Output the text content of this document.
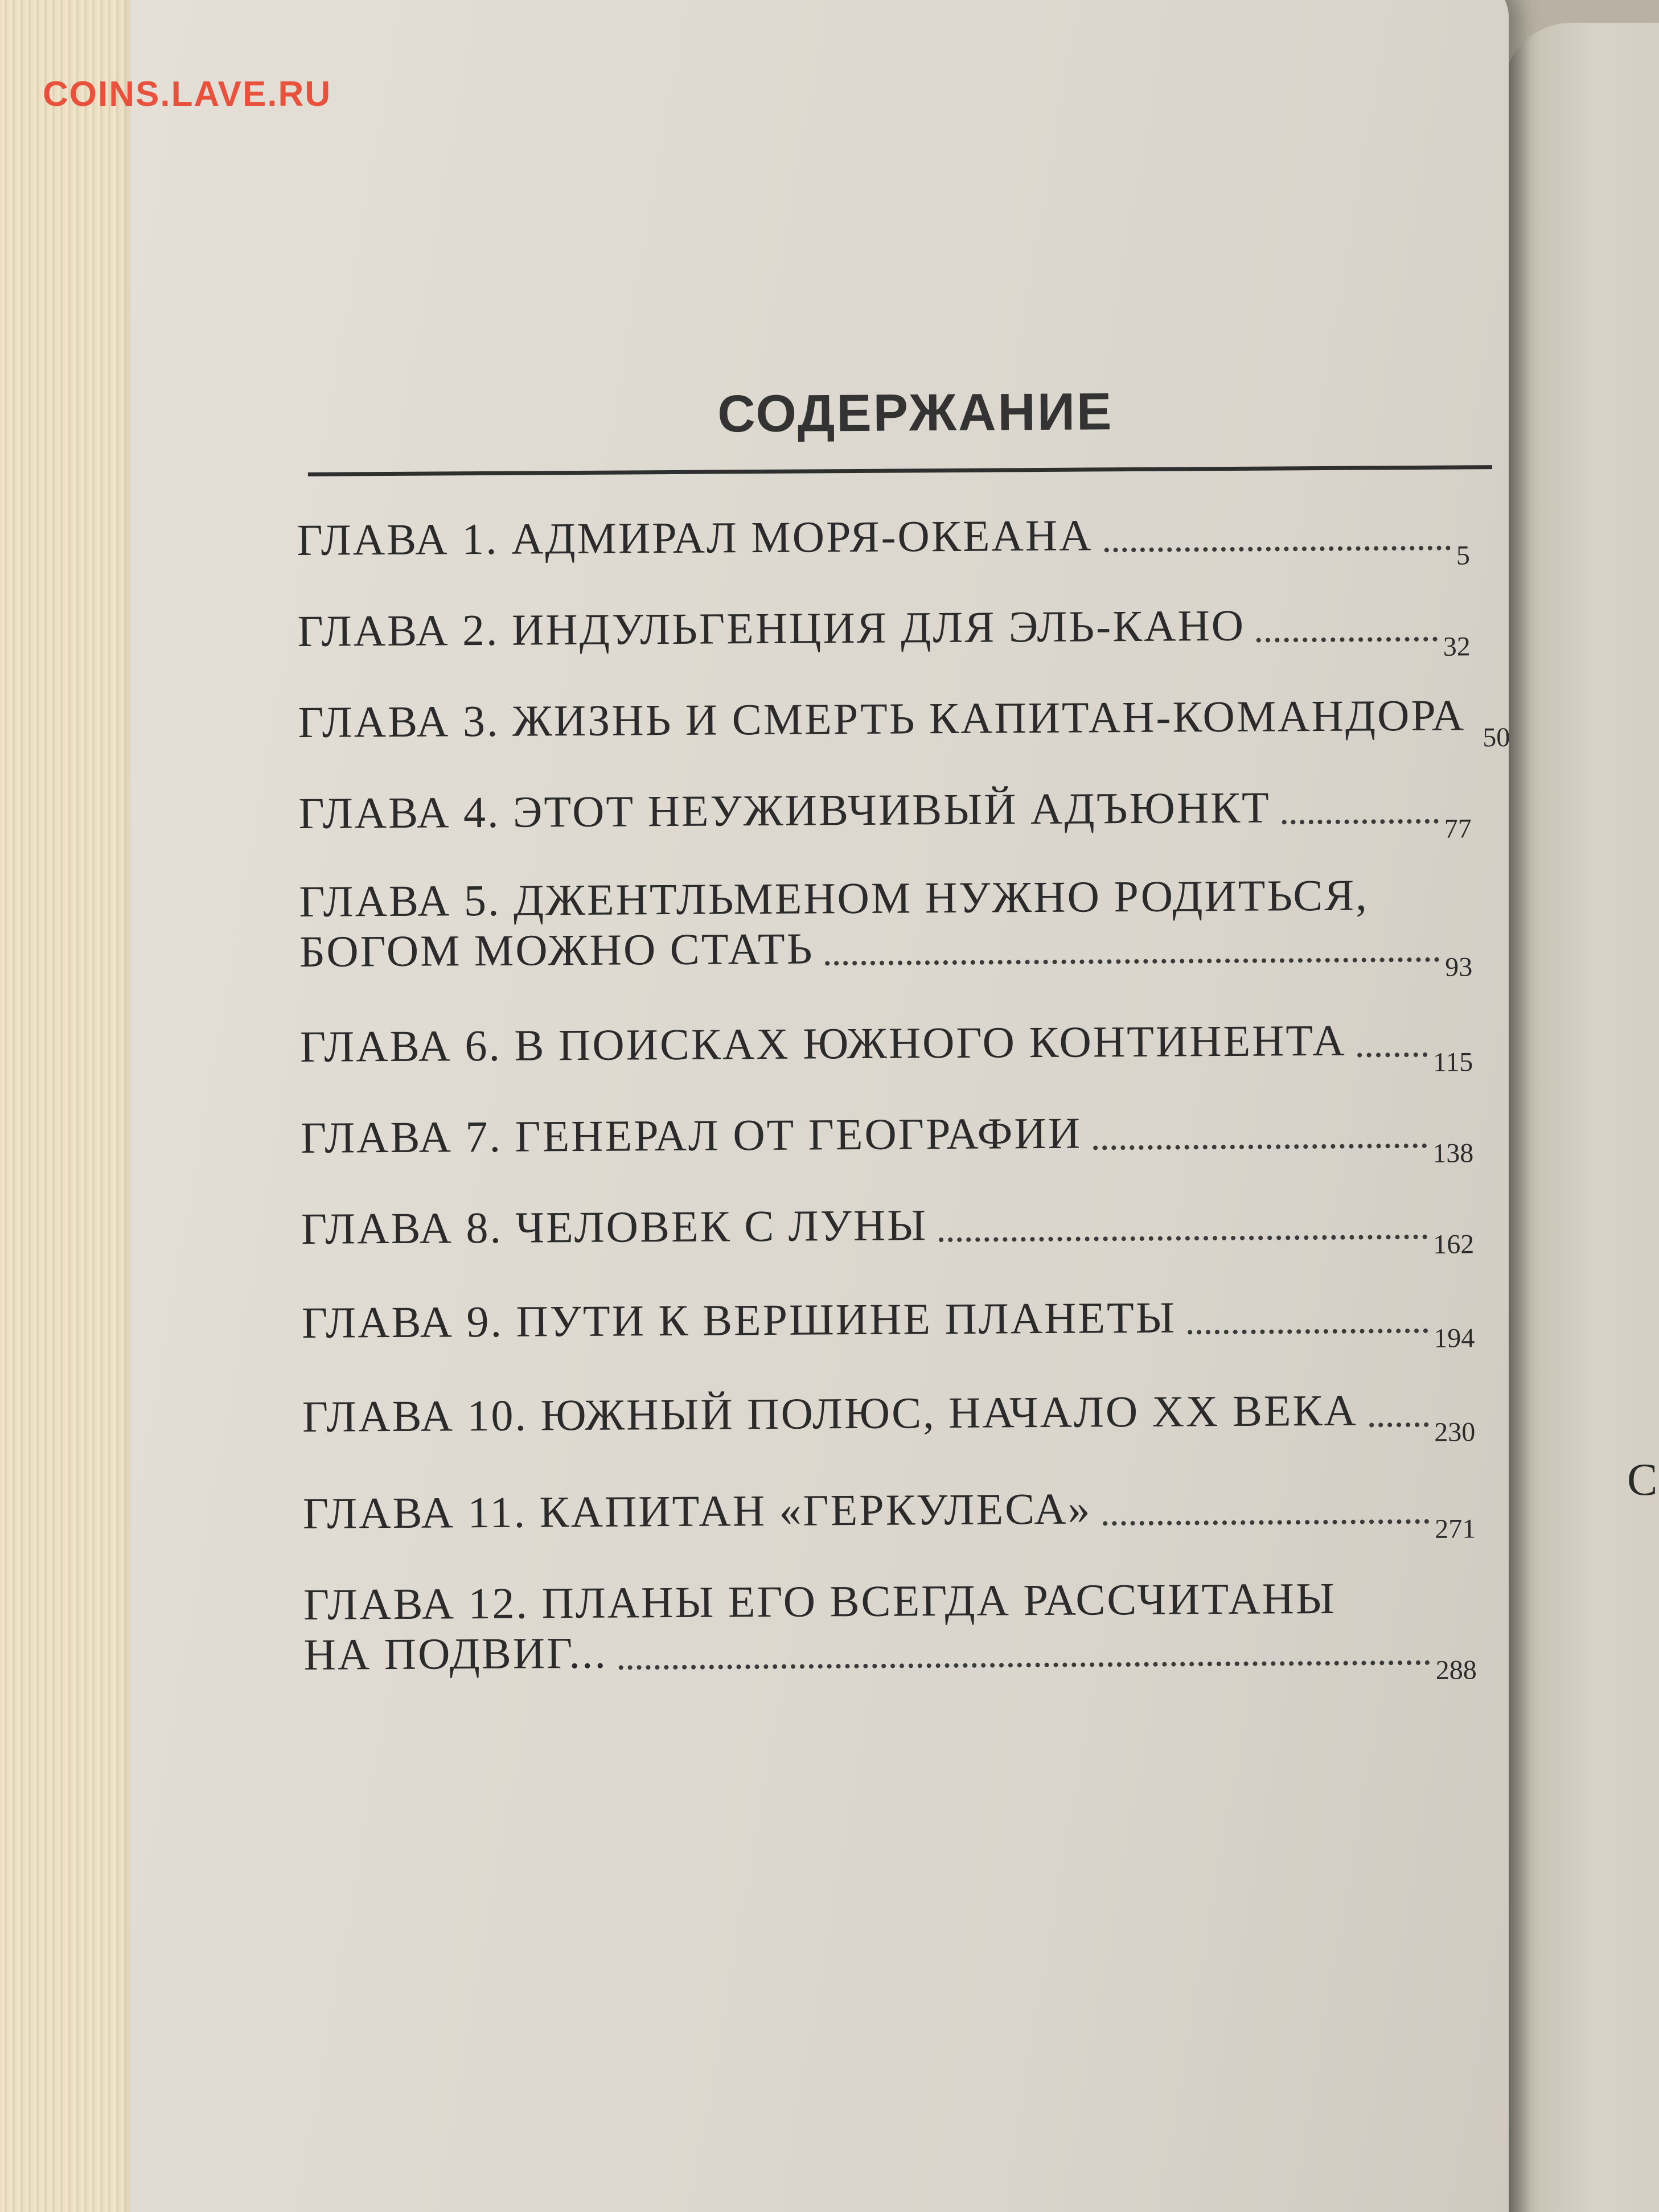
С
COINS.LAVE.RU
СОДЕРЖАНИЕ
ГЛАВА 1. АДМИРАЛ МОРЯ-ОКЕАНА	5
ГЛАВА 2. ИНДУЛЬГЕНЦИЯ ДЛЯ ЭЛЬ-КАНО	32
ГЛАВА 3. ЖИЗНЬ И СМЕРТЬ КАПИТАН-КОМАНДОРА 50
ГЛАВА 4. ЭТОТ НЕУЖИВЧИВЫЙ АДЪЮНКТ	77
ГЛАВА 5. ДЖЕНТЛЬМЕНОМ НУЖНО РОДИТЬСЯ,
БОГОМ МОЖНО СТАТЬ	93
ГЛАВА 6. В ПОИСКАХ ЮЖНОГО КОНТИНЕНТА	115
ГЛАВА 7. ГЕНЕРАЛ ОТ ГЕОГРАФИИ	138
ГЛАВА 8. ЧЕЛОВЕК С ЛУНЫ	162
ГЛАВА 9. ПУТИ К ВЕРШИНЕ ПЛАНЕТЫ	194
ГЛАВА 10. ЮЖНЫЙ ПОЛЮС, НАЧАЛО XX ВЕКА	230
ГЛАВА 11. КАПИТАН «ГЕРКУЛЕСА»	271
ГЛАВА 12. ПЛАНЫ ЕГО ВСЕГДА РАССЧИТАНЫ
НА ПОДВИГ...	288
